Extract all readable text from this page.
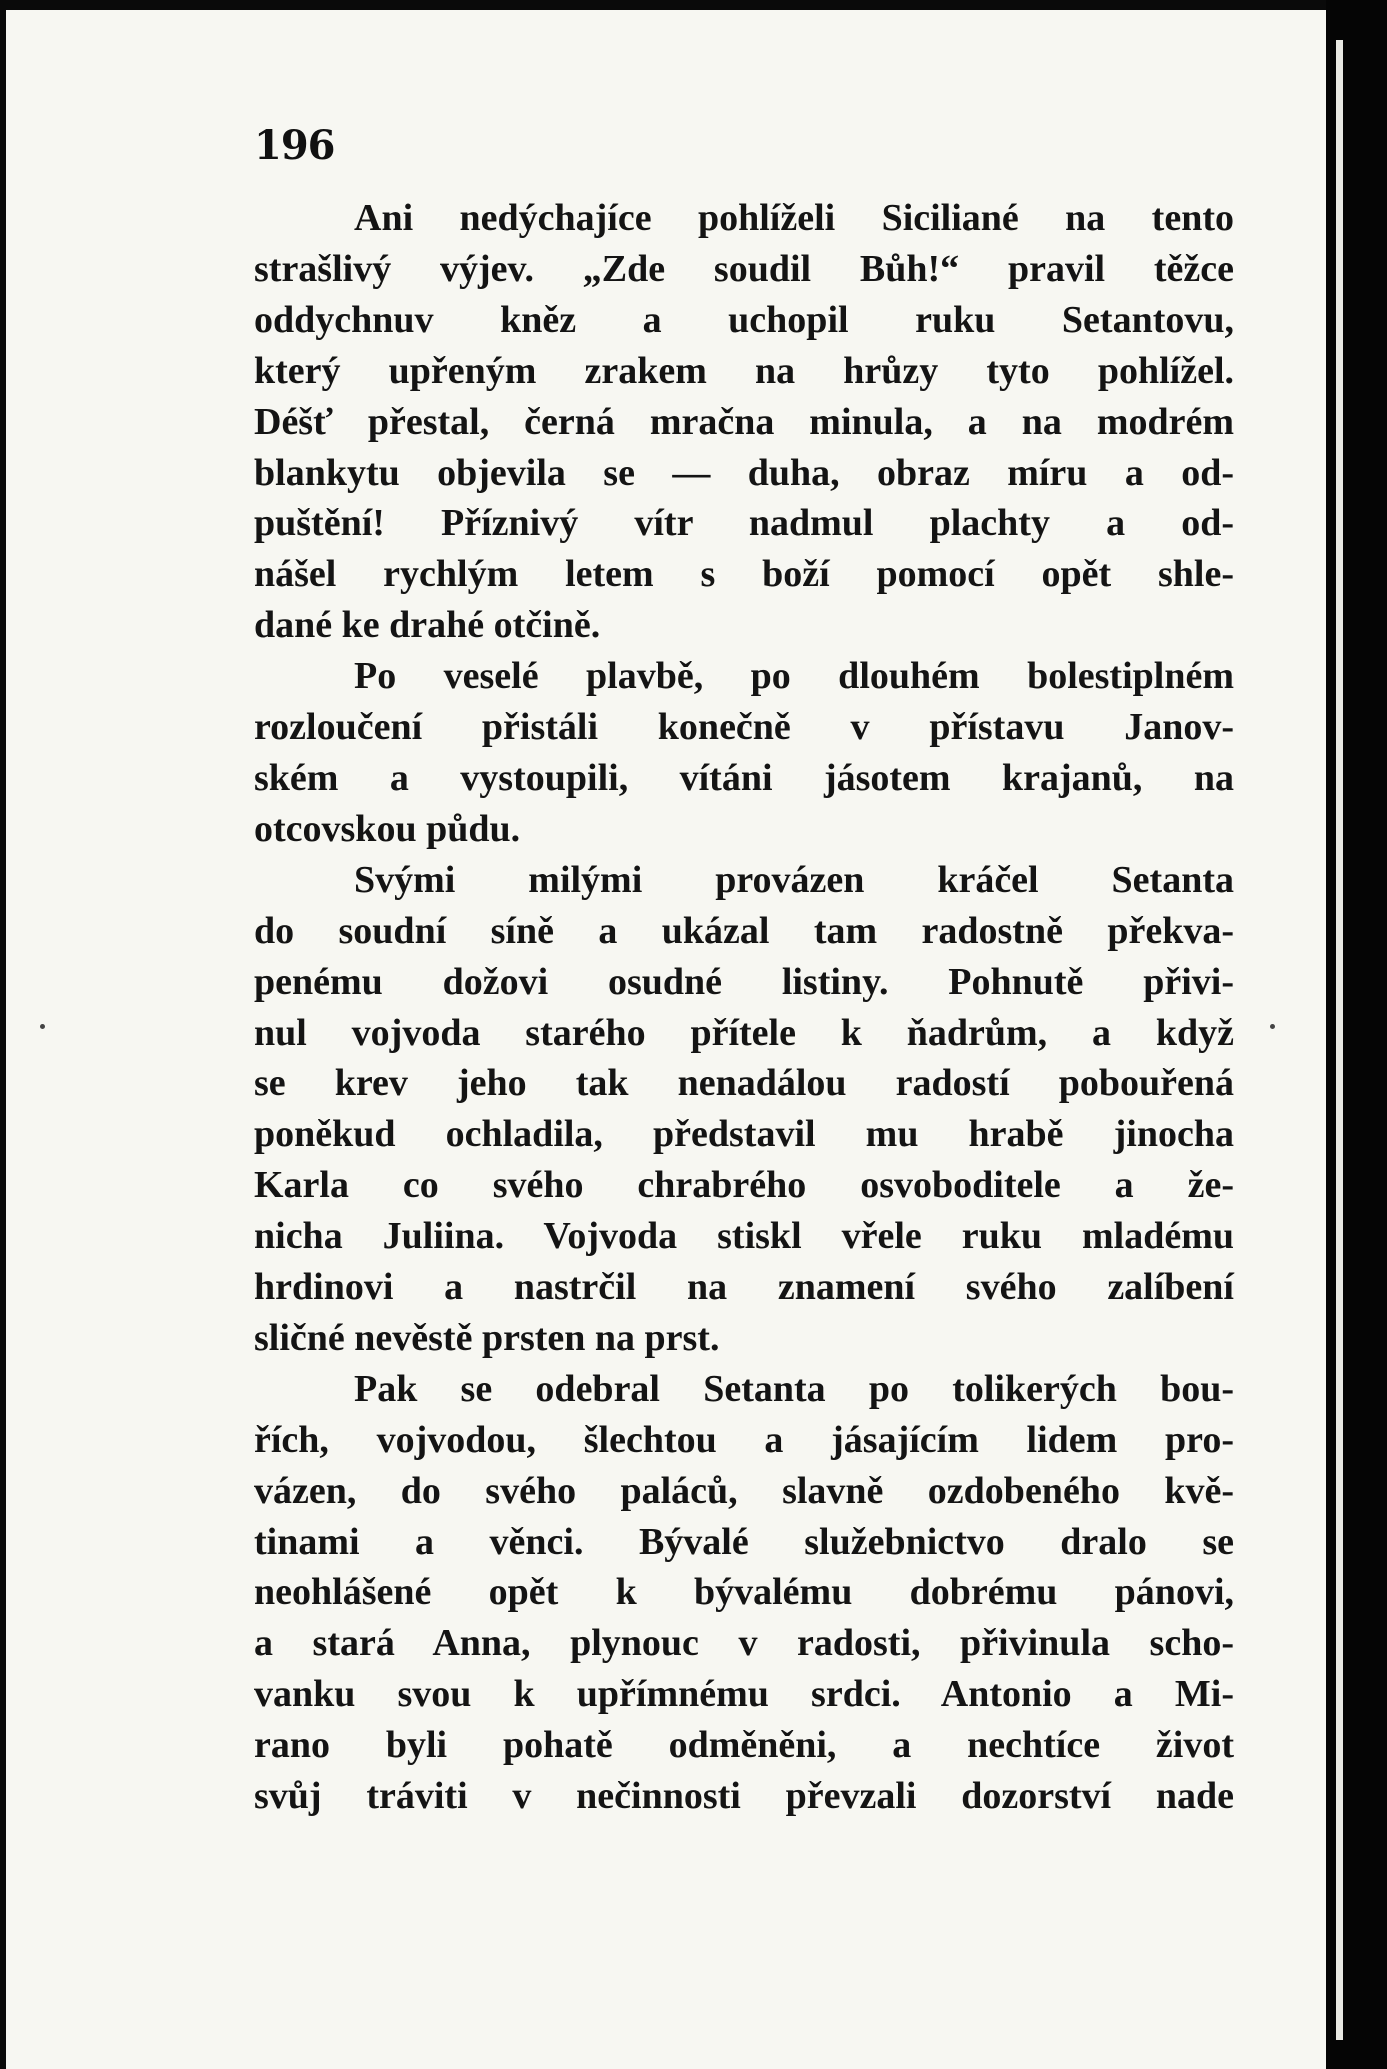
196
Ani nedýchajíce pohlíželi Siciliané na tento
strašlivý výjev. „Zde soudil Bůh!“ pravil těžce
oddychnuv kněz a uchopil ruku Setantovu,
který upřeným zrakem na hrůzy tyto pohlížel.
Déšť přestal, černá mračna minula, a na modrém
blankytu objevila se — duha, obraz míru a od-
puštění! Příznivý vítr nadmul plachty a od-
nášel rychlým letem s boží pomocí opět shle-
dané ke drahé otčině.
Po veselé plavbě, po dlouhém bolestiplném
rozloučení přistáli konečně v přístavu Janov-
ském a vystoupili, vítáni jásotem krajanů, na
otcovskou půdu.
Svými milými provázen kráčel Setanta
do soudní síně a ukázal tam radostně překva-
penému dožovi osudné listiny. Pohnutě přivi-
nul vojvoda starého přítele k ňadrům, a když
se krev jeho tak nenadálou radostí pobouřená
poněkud ochladila, představil mu hrabě jinocha
Karla co svého chrabrého osvoboditele a že-
nicha Juliina. Vojvoda stiskl vřele ruku mladému
hrdinovi a nastrčil na znamení svého zalíbení
sličné nevěstě prsten na prst.
Pak se odebral Setanta po tolikerých bou-
řích, vojvodou, šlechtou a jásajícím lidem pro-
vázen, do svého paláců, slavně ozdobeného kvě-
tinami a věnci. Bývalé služebnictvo dralo se
neohlášené opět k bývalému dobrému pánovi,
a stará Anna, plynouc v radosti, přivinula scho-
vanku svou k upřímnému srdci. Antonio a Mi-
rano byli pohatě odměněni, a nechtíce život
svůj tráviti v nečinnosti převzali dozorství nade
